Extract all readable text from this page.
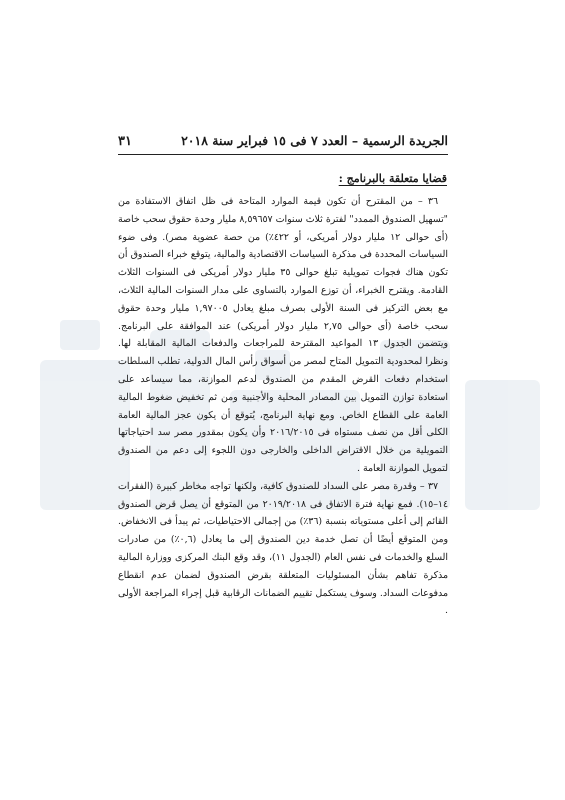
الجريدة الرسمية – العدد ٧ فى ١٥ فبراير سنة ٢٠١٨
٣١
قضايا متعلقة بالبرنامج :

٣٦ – من المقترح أن تكون قيمة الموارد المتاحة فى ظل اتفاق الاستفادة من "تسهيل الصندوق الممدد" لفترة ثلاث سنوات ٨,٥٩٦٥٧ مليار وحدة حقوق سحب خاصة (أى حوالى ١٢ مليار دولار أمريكى، أو ٤٢٢٪) من حصة عضوية مصر). وفى ضوء السياسات المحددة فى مذكرة السياسات الاقتصادية والمالية، يتوقع خبراء الصندوق أن تكون هناك فجوات تمويلية تبلغ حوالى ٣٥ مليار دولار أمريكى فى السنوات الثلاث القادمة. ويقترح الخبراء، أن توزع الموارد بالتساوى على مدار السنوات المالية الثلاث، مع بعض التركيز فى السنة الأولى بصرف مبلغ يعادل ١,٩٧٠٠٥ مليار وحدة حقوق سحب خاصة (أى حوالى ٢,٧٥ مليار دولار أمريكى) عند الموافقة على البرنامج. ويتضمن الجدول ١٣ المواعيد المقترحة للمراجعات والدفعات المالية المقابلة لها. ونظرا لمحدودية التمويل المتاح لمصر من أسواق رأس المال الدولية، تطلب السلطات استخدام دفعات القرض المقدم من الصندوق لدعم الموازنة، مما سيساعد على استعادة توازن التمويل بين المصادر المحلية والأجنبية ومن ثم تخفيض ضغوط المالية العامة على القطاع الخاص. ومع نهاية البرنامج، يُتوقع أن يكون عجز المالية العامة الكلى أقل من نصف مستواه فى ٢٠١٦/٢٠١٥ وأن يكون بمقدور مصر سد احتياجاتها التمويلية من خلال الاقتراض الداخلى والخارجى دون اللجوء إلى دعم من الصندوق لتمويل الموازنة العامة .

٣٧ – وقدرة مصر على السداد للصندوق كافية، ولكنها تواجه مخاطر كبيرة (الفقرات ١٤–١٥). فمع نهاية فترة الاتفاق فى ٢٠١٩/٢٠١٨ من المتوقع أن يصل قرض الصندوق القائم إلى أعلى مستوياته بنسبة (٣٦٪) من إجمالى الاحتياطيات، ثم يبدأ فى الانخفاض. ومن المتوقع أيضًا أن تصل خدمة دين الصندوق إلى ما يعادل (٠,٦٪) من صادرات السلع والخدمات فى نفس العام (الجدول ١١)، وقد وقع البنك المركزى ووزارة المالية مذكرة تفاهم بشأن المسئوليات المتعلقة بقرض الصندوق لضمان عدم انقطاع مدفوعات السداد. وسوف يستكمل تقييم الضمانات الرقابية قبل إجراء المراجعة الأولى .
